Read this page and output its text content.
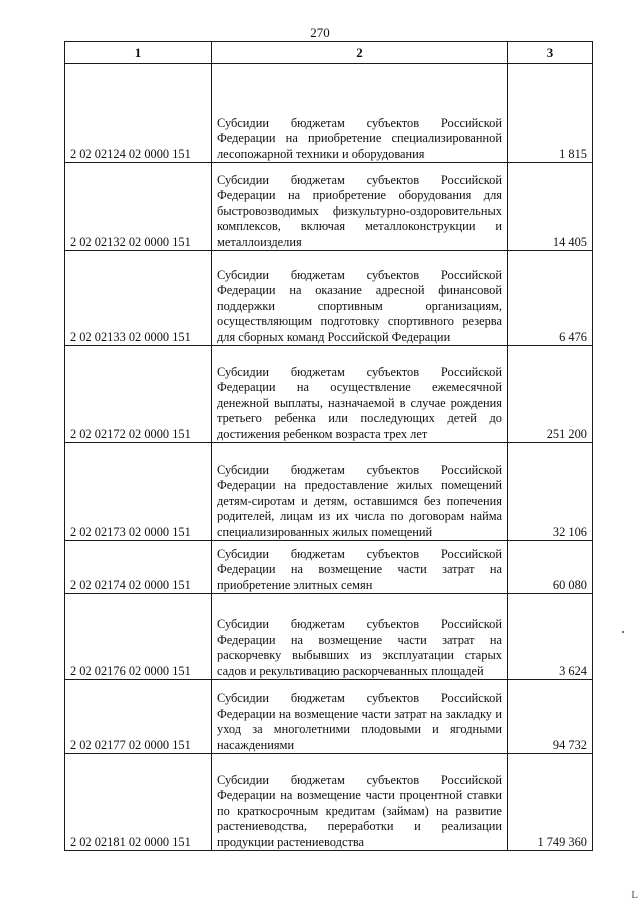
270
1	2	3
2 02 02124 02 0000 151	Субсидии бюджетам субъектов Российской Федерации на приобретение специализированной лесопожарной техники и оборудования	1 815
2 02 02132 02 0000 151	Субсидии бюджетам субъектов Российской Федерации на приобретение оборудования для быстровозводимых физкультурно-оздоровительных комплексов, включая металлоконструкции и металлоизделия	14 405
2 02 02133 02 0000 151	Субсидии бюджетам субъектов Российской Федерации на оказание адресной финансовой поддержки спортивным организациям, осуществляющим подготовку спортивного резерва для сборных команд Российской Федерации	6 476
2 02 02172 02 0000 151	Субсидии бюджетам субъектов Российской Федерации на осуществление ежемесячной денежной выплаты, назначаемой в случае рождения третьего ребенка или последующих детей до достижения ребенком возраста трех лет	251 200
2 02 02173 02 0000 151	Субсидии бюджетам субъектов Российской Федерации на предоставление жилых помещений детям-сиротам и детям, оставшимся без попечения родителей, лицам из их числа по договорам найма специализированных жилых помещений	32 106
2 02 02174 02 0000 151	Субсидии бюджетам субъектов Российской Федерации на возмещение части затрат на приобретение элитных семян	60 080
2 02 02176 02 0000 151	Субсидии бюджетам субъектов Российской Федерации на возмещение части затрат на раскорчевку выбывших из эксплуатации старых садов и рекультивацию раскорчеванных площадей	3 624
2 02 02177 02 0000 151	Субсидии бюджетам субъектов Российской Федерации на возмещение части затрат на закладку и уход за многолетними плодовыми и ягодными насаждениями	94 732
2 02 02181 02 0000 151	Субсидии бюджетам субъектов Российской Федерации на возмещение части процентной ставки по краткосрочным кредитам (займам) на развитие растениеводства, переработки и реализации продукции растениеводства	1 749 360
L
